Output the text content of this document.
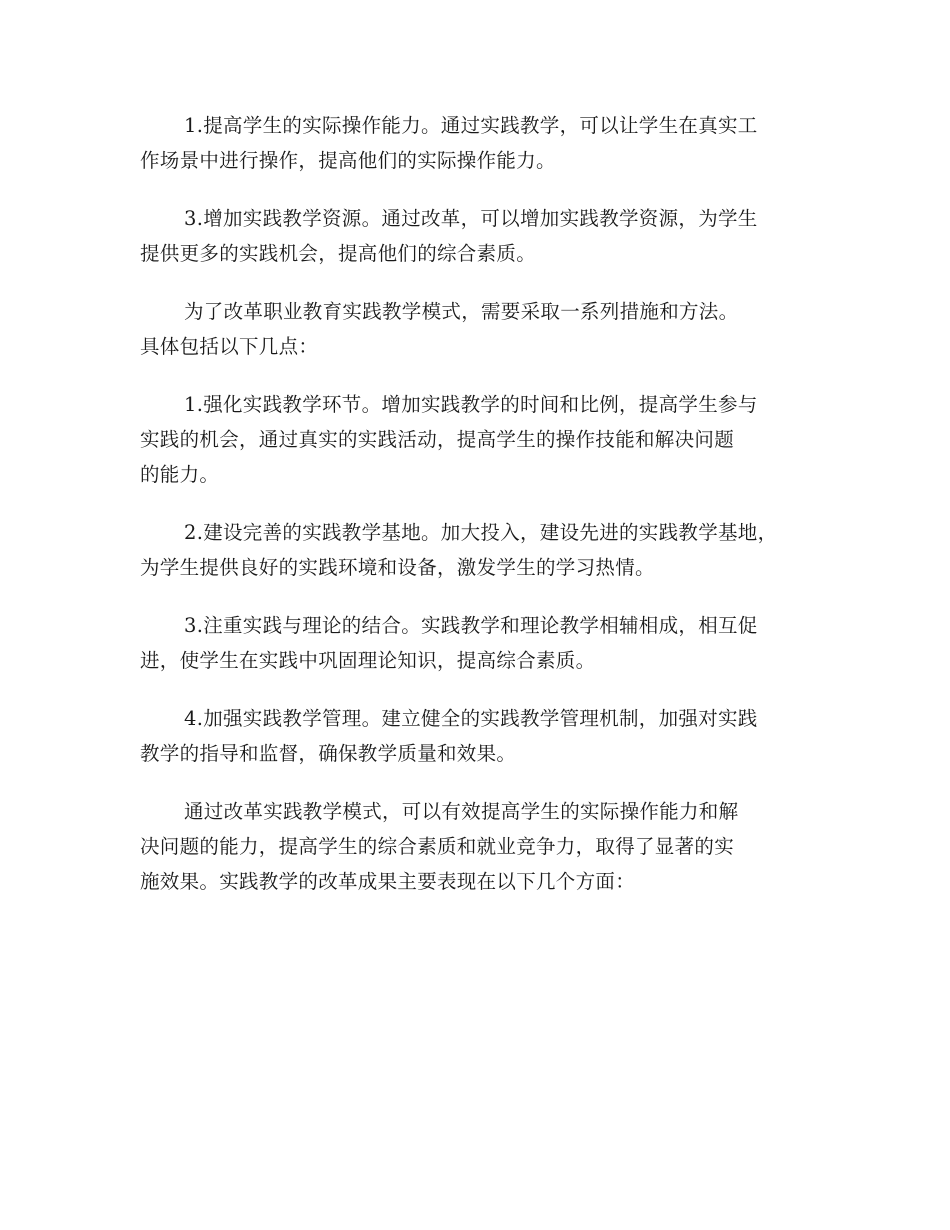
1.提高学生的实际操作能力。通过实践教学，可以让学生在真实工
作场景中进行操作，提高他们的实际操作能力。

3.增加实践教学资源。通过改革，可以增加实践教学资源，为学生
提供更多的实践机会，提高他们的综合素质。

为了改革职业教育实践教学模式，需要采取一系列措施和方法。
具体包括以下几点：

1.强化实践教学环节。增加实践教学的时间和比例，提高学生参与
实践的机会，通过真实的实践活动，提高学生的操作技能和解决问题
的能力。

2.建设完善的实践教学基地。加大投入，建设先进的实践教学基地，
为学生提供良好的实践环境和设备，激发学生的学习热情。

3.注重实践与理论的结合。实践教学和理论教学相辅相成，相互促
进，使学生在实践中巩固理论知识，提高综合素质。

4.加强实践教学管理。建立健全的实践教学管理机制，加强对实践
教学的指导和监督，确保教学质量和效果。

通过改革实践教学模式，可以有效提高学生的实际操作能力和解
决问题的能力，提高学生的综合素质和就业竞争力，取得了显著的实
施效果。实践教学的改革成果主要表现在以下几个方面：
